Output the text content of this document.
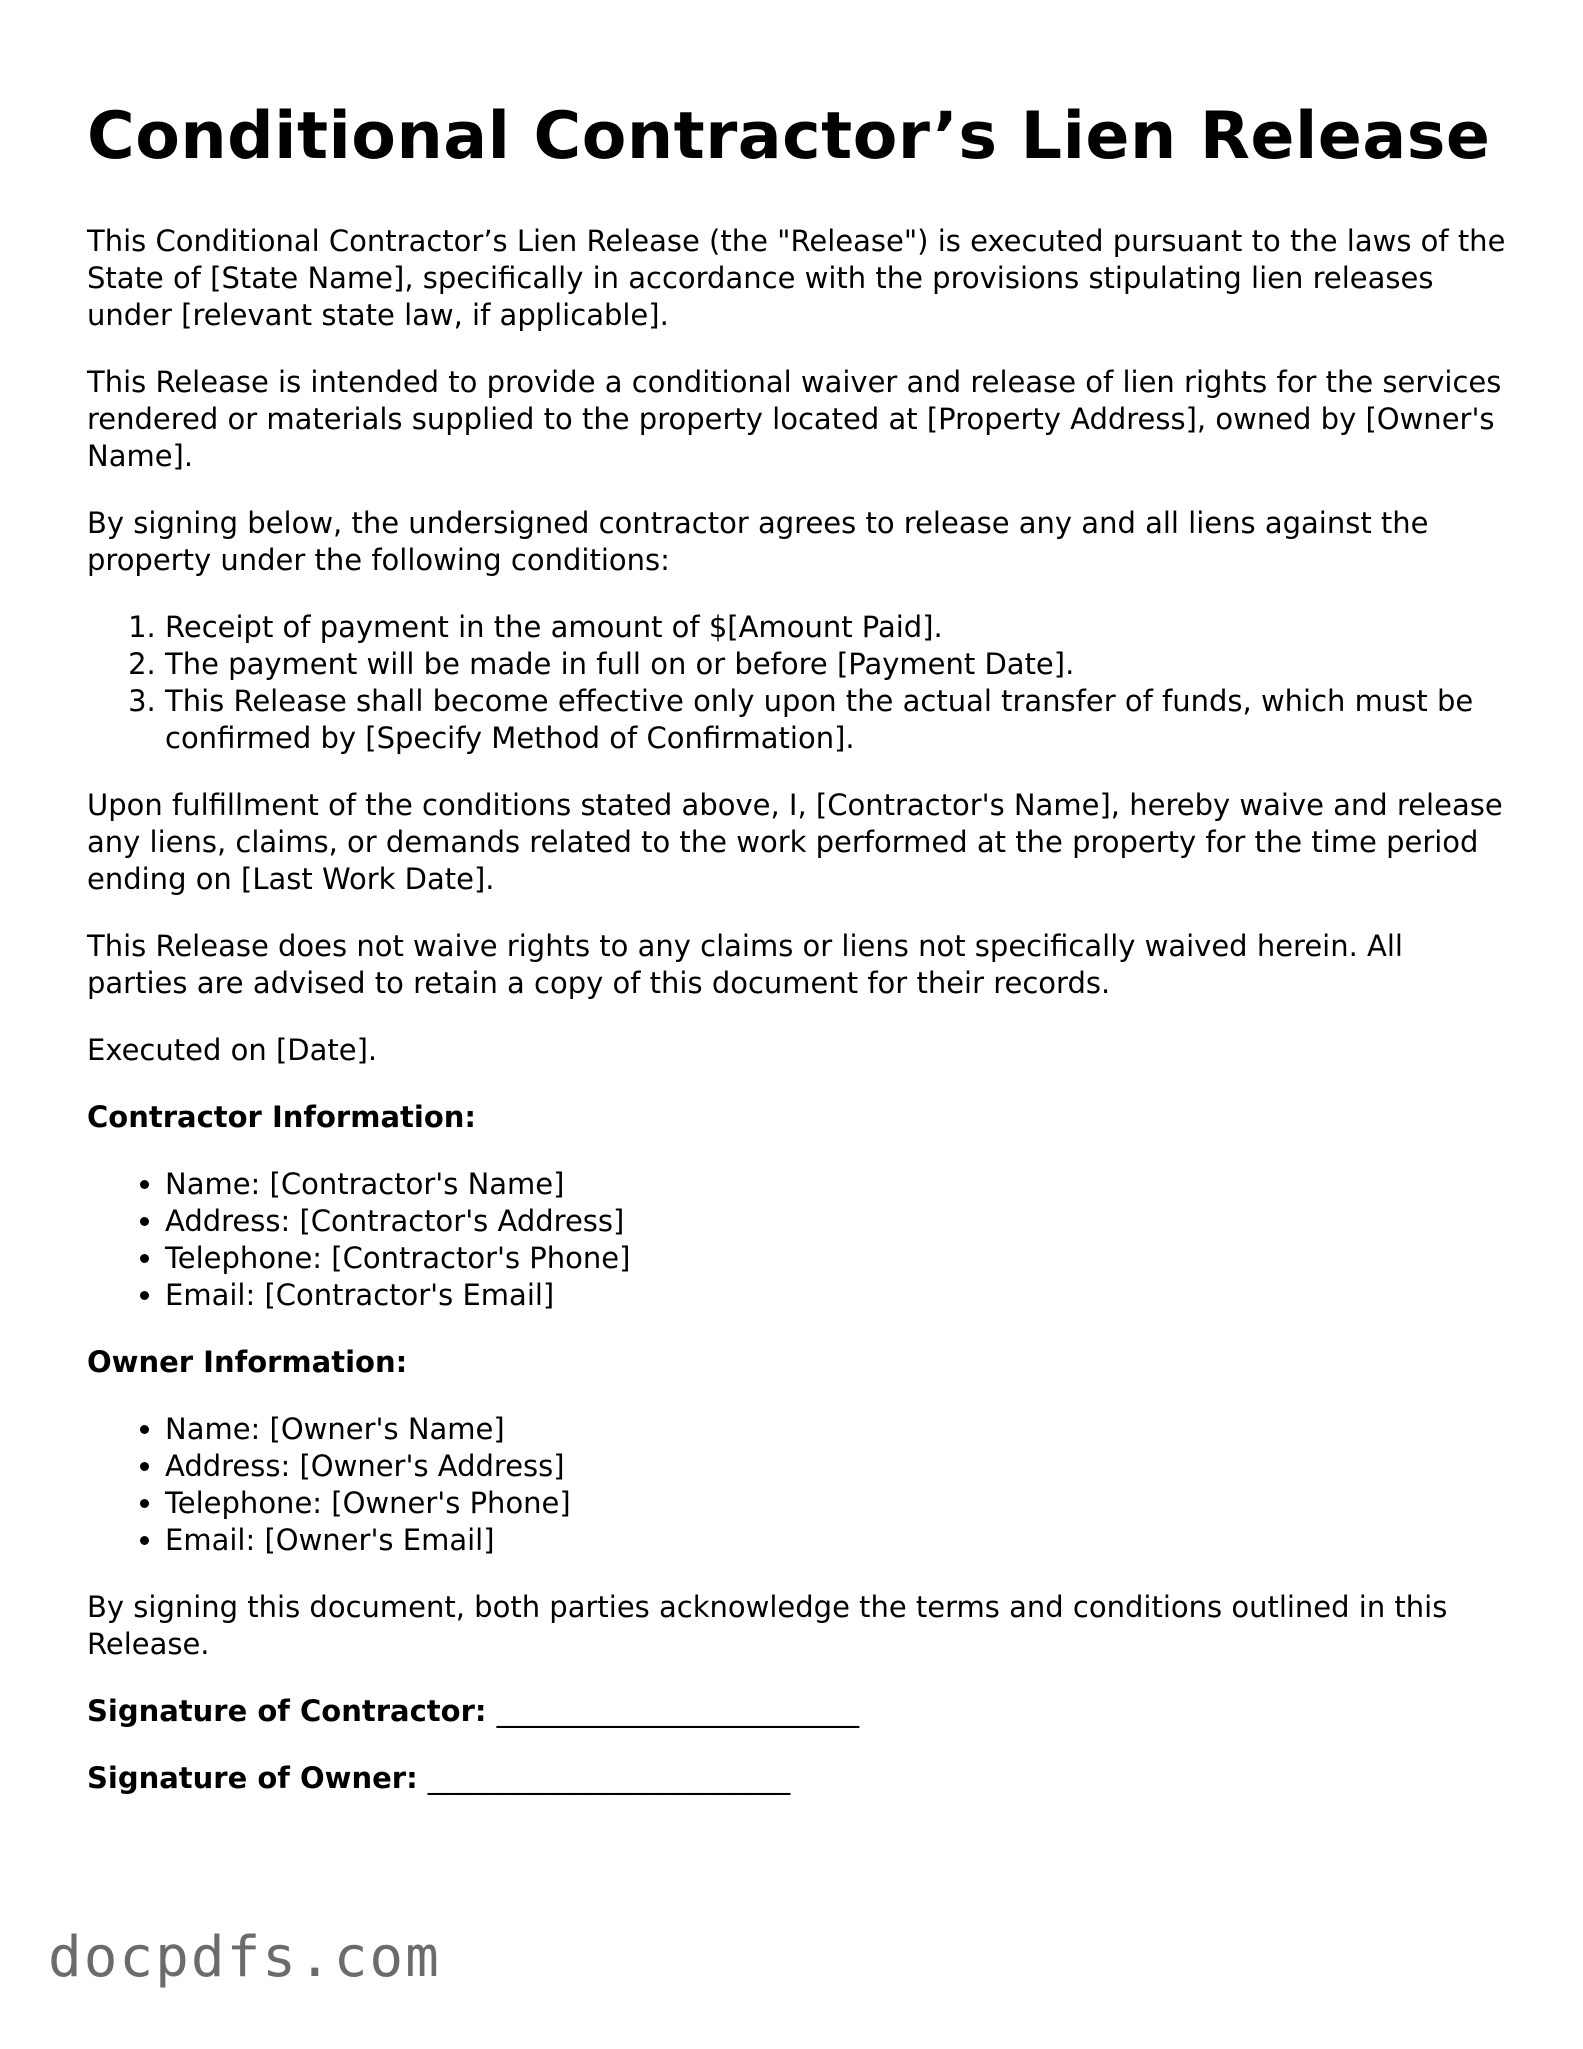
Conditional Contractor’s Lien Release

This Conditional Contractor’s Lien Release (the "Release") is executed pursuant to the laws of the State of [State Name], specifically in accordance with the provisions stipulating lien releases under [relevant state law, if applicable].

This Release is intended to provide a conditional waiver and release of lien rights for the services rendered or materials supplied to the property located at [Property Address], owned by [Owner's Name].

By signing below, the undersigned contractor agrees to release any and all liens against the property under the following conditions:

1. Receipt of payment in the amount of $[Amount Paid].
2. The payment will be made in full on or before [Payment Date].
3. This Release shall become effective only upon the actual transfer of funds, which must be confirmed by [Specify Method of Confirmation].

Upon fulfillment of the conditions stated above, I, [Contractor's Name], hereby waive and release any liens, claims, or demands related to the work performed at the property for the time period ending on [Last Work Date].

This Release does not waive rights to any claims or liens not specifically waived herein. All parties are advised to retain a copy of this document for their records.

Executed on [Date].

Contractor Information:

• Name: [Contractor's Name]
• Address: [Contractor's Address]
• Telephone: [Contractor's Phone]
• Email: [Contractor's Email]

Owner Information:

• Name: [Owner's Name]
• Address: [Owner's Address]
• Telephone: [Owner's Phone]
• Email: [Owner's Email]

By signing this document, both parties acknowledge the terms and conditions outlined in this Release.

Signature of Contractor: _________________________

Signature of Owner: _________________________

docpdfs.com
